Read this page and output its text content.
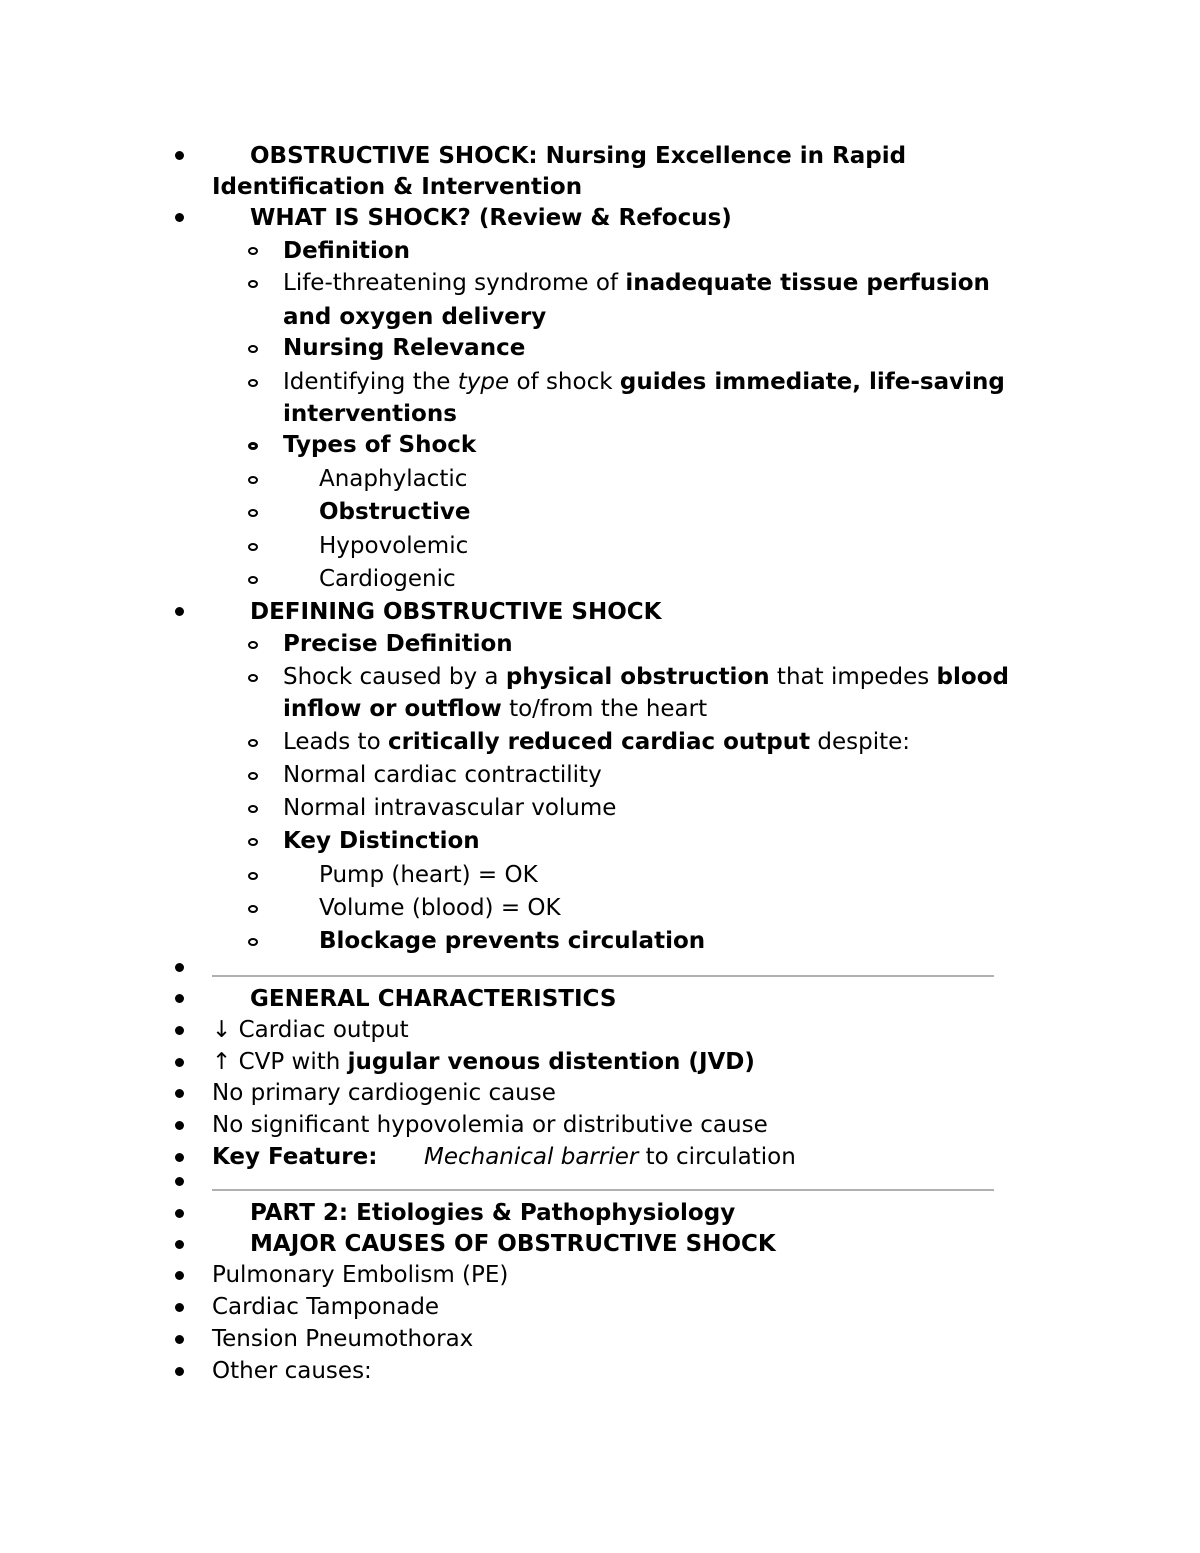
OBSTRUCTIVE SHOCK: Nursing Excellence in Rapid
Identification & Intervention
WHAT IS SHOCK? (Review & Refocus)
Definition
Life-threatening syndrome of inadequate tissue perfusion
and oxygen delivery
Nursing Relevance
Identifying the type of shock guides immediate, life-saving
interventions
Types of Shock
Anaphylactic
Obstructive
Hypovolemic
Cardiogenic
DEFINING OBSTRUCTIVE SHOCK
Precise Definition
Shock caused by a physical obstruction that impedes blood
inflow or outflow to/from the heart
Leads to critically reduced cardiac output despite:
Normal cardiac contractility
Normal intravascular volume
Key Distinction
Pump (heart) = OK
Volume (blood) = OK
Blockage prevents circulation
GENERAL CHARACTERISTICS
↓ Cardiac output
↑ CVP with jugular venous distention (JVD)
No primary cardiogenic cause
No significant hypovolemia or distributive cause
Key Feature: Mechanical barrier to circulation
PART 2: Etiologies & Pathophysiology
MAJOR CAUSES OF OBSTRUCTIVE SHOCK
Pulmonary Embolism (PE)
Cardiac Tamponade
Tension Pneumothorax
Other causes:
